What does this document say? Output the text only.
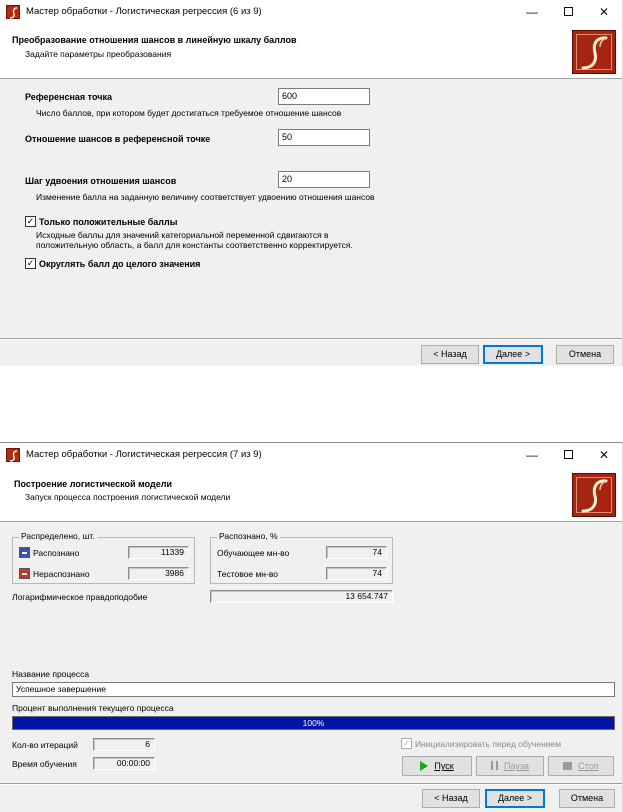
Мастер обработки - Логистическая регрессия (6 из 9)	—	✕
Преобразование отношения шансов в линейную шкалу баллов
Задайте параметры преобразования
Референсная точка	600
Число баллов, при котором будет достигаться требуемое отношение шансов
Отношение шансов в референсной точке	50
Шаг удвоения отношения шансов	20
Изменение балла на заданную величину соответствует удвоению отношения шансов
✓ Только положительные баллы
Исходные баллы для значений категориальной переменной сдвигаются в
положительную область, а балл для константы соответственно корректируется.
✓ Округлять балл до целого значения
< Назад	Далее >	Отмена
Мастер обработки - Логистическая регрессия (7 из 9)	—	✕
Построение логистической модели
Запуск процесса построения логистической модели
Распределено, шт.
Распознано	11339
Нераспознано	3986
Распознано, %
Обучающее мн-во	74
Тестовое мн-во	74
Логарифмическое правдоподобие	13 654.747
Название процесса
Успешное завершение
Процент выполнения текущего процесса
100%
Кол-во итераций	6
Время обучения	00:00:00
✓ Инициализировать перед обучением
Пуск	Пауза	Стоп
< Назад	Далее >	Отмена
